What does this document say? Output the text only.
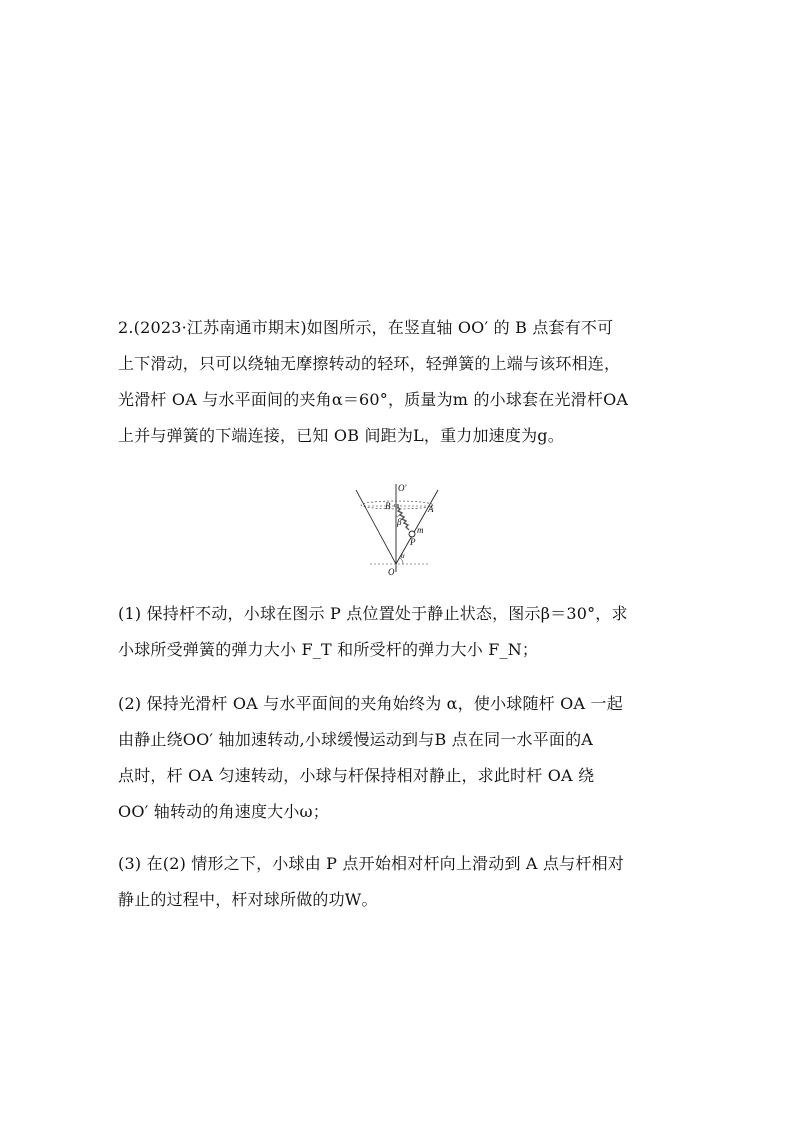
2.(2023·江苏南通市期末)如图所示，在竖直轴 OO′ 的 B 点套有不可
上下滑动，只可以绕轴无摩擦转动的轻环，轻弹簧的上端与该环相连，
光滑杆 OA 与水平面间的夹角α＝60°，质量为m 的小球套在光滑杆OA
上并与弹簧的下端连接，已知 OB 间距为L，重力加速度为g。
O′
B	A
β
m
P
α
O
(1) 保持杆不动，小球在图示 P 点位置处于静止状态，图示β＝30°，求
小球所受弹簧的弹力大小 F_T 和所受杆的弹力大小 F_N；
(2) 保持光滑杆 OA 与水平面间的夹角始终为 α，使小球随杆 OA 一起
由静止绕OO′ 轴加速转动,小球缓慢运动到与B 点在同一水平面的A
点时，杆 OA 匀速转动，小球与杆保持相对静止，求此时杆 OA 绕
OO′ 轴转动的角速度大小ω；
(3) 在(2) 情形之下，小球由 P 点开始相对杆向上滑动到 A 点与杆相对
静止的过程中，杆对球所做的功W。
